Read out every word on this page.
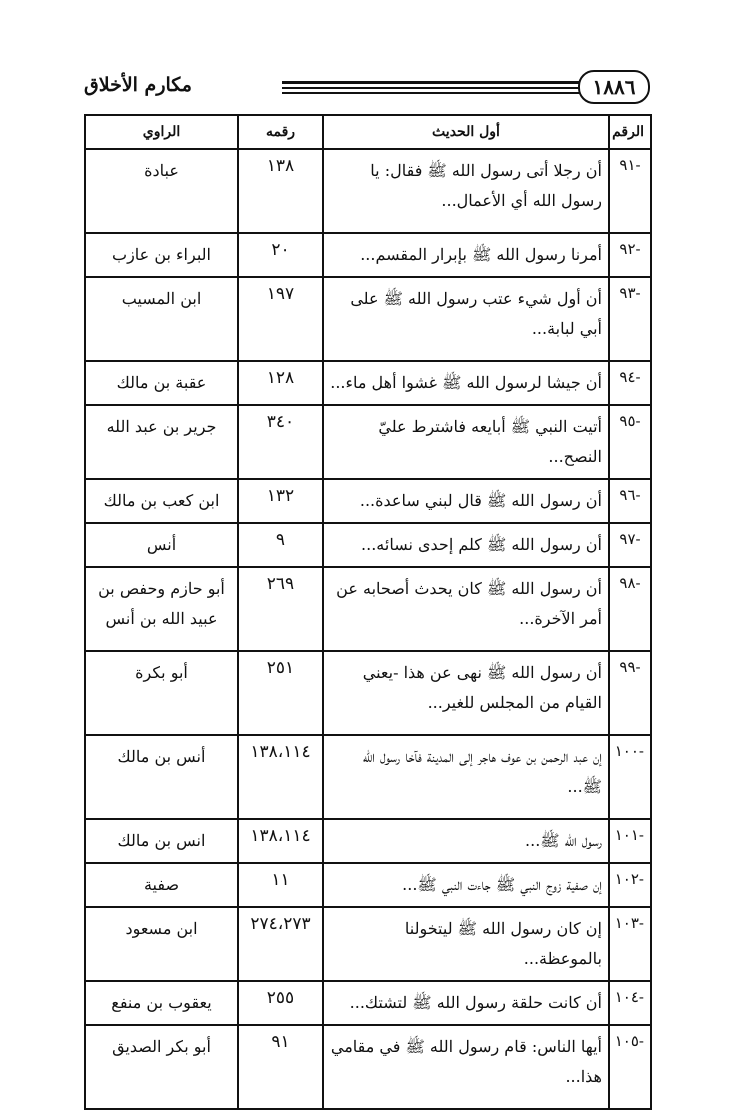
مكارم الأخلاق	١٨٨٦
الرقم	أول الحديث	رقمه	الراوي
-٩١	أن رجلا أتى رسول الله ﷺ فقال: يا رسول الله أي الأعمال...	١٣٨	عبادة
-٩٢	أمرنا رسول الله ﷺ بإبرار المقسم...	٢٠	البراء بن عازب
-٩٣	أن أول شيء عتب رسول الله ﷺ على أبي لبابة...	١٩٧	ابن المسيب
-٩٤	أن جيشا لرسول الله ﷺ غشوا أهل ماء...	١٢٨	عقبة بن مالك
-٩٥	أتيت النبي ﷺ أبايعه فاشترط عليّ النصح...	٣٤٠	جرير بن عبد الله
-٩٦	أن رسول الله ﷺ قال لبني ساعدة...	١٣٢	ابن كعب بن مالك
-٩٧	أن رسول الله ﷺ كلم إحدى نسائه...	٩	أنس
-٩٨	أن رسول الله ﷺ كان يحدث أصحابه عن أمر الآخرة...	٢٦٩	أبو حازم وحفص بن عبيد الله بن أنس
-٩٩	أن رسول الله ﷺ نهى عن هذا -يعني القيام من المجلس للغير...	٢٥١	أبو بكرة
-١٠٠	إن عبد الرحمن بن عوف هاجر إلى المدينة فآخا رسول الله ﷺ...	١٣٨،١١٤	أنس بن مالك
-١٠١	رسول الله ﷺ...	١٣٨،١١٤	انس بن مالك
-١٠٢	إن صفية زوج النبي ﷺ جاءت النبي ﷺ...	١١	صفية
-١٠٣	إن كان رسول الله ﷺ ليتخولنا بالموعظة...	٢٧٤،٢٧٣	ابن مسعود
-١٠٤	أن كانت حلقة رسول الله ﷺ لتشتك...	٢٥٥	يعقوب بن منفع
-١٠٥	أيها الناس: قام رسول الله ﷺ في مقامي هذا...	٩١	أبو بكر الصديق
